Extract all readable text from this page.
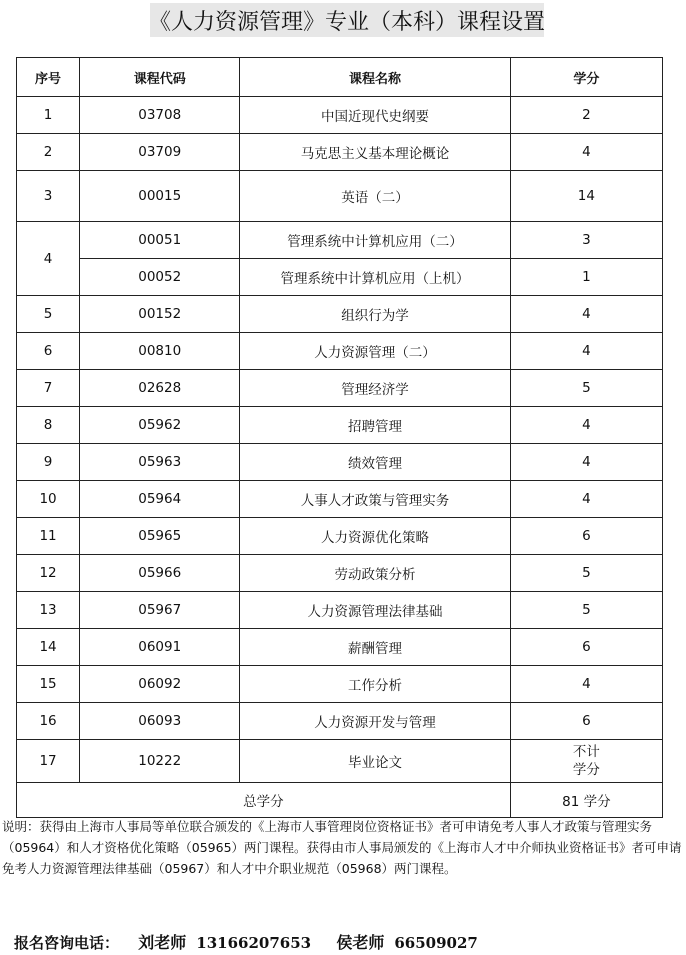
《人力资源管理》专业（本科）课程设置
序号	课程代码	课程名称	学分
1	03708	中国近现代史纲要	2
2	03709	马克思主义基本理论概论	4
3	00015	英语（二）	14
4	00051	管理系统中计算机应用（二）	3
	00052	管理系统中计算机应用（上机）	1
5	00152	组织行为学	4
6	00810	人力资源管理（二）	4
7	02628	管理经济学	5
8	05962	招聘管理	4
9	05963	绩效管理	4
10	05964	人事人才政策与管理实务	4
11	05965	人力资源优化策略	6
12	05966	劳动政策分析	5
13	05967	人力资源管理法律基础	5
14	06091	薪酬管理	6
15	06092	工作分析	4
16	06093	人力资源开发与管理	6
17	10222	毕业论文	不计学分
总学分			81 学分
说明：获得由上海市人事局等单位联合颁发的《上海市人事管理岗位资格证书》者可申请免考人事人才政策与管理实务（05964）和人才资格优化策略（05965）两门课程。获得由市人事局颁发的《上海市人才中介师执业资格证书》者可申请免考人力资源管理法律基础（05967）和人才中介职业规范（05968）两门课程。
报名咨询电话： 刘老师 13166207653 侯老师 66509027
